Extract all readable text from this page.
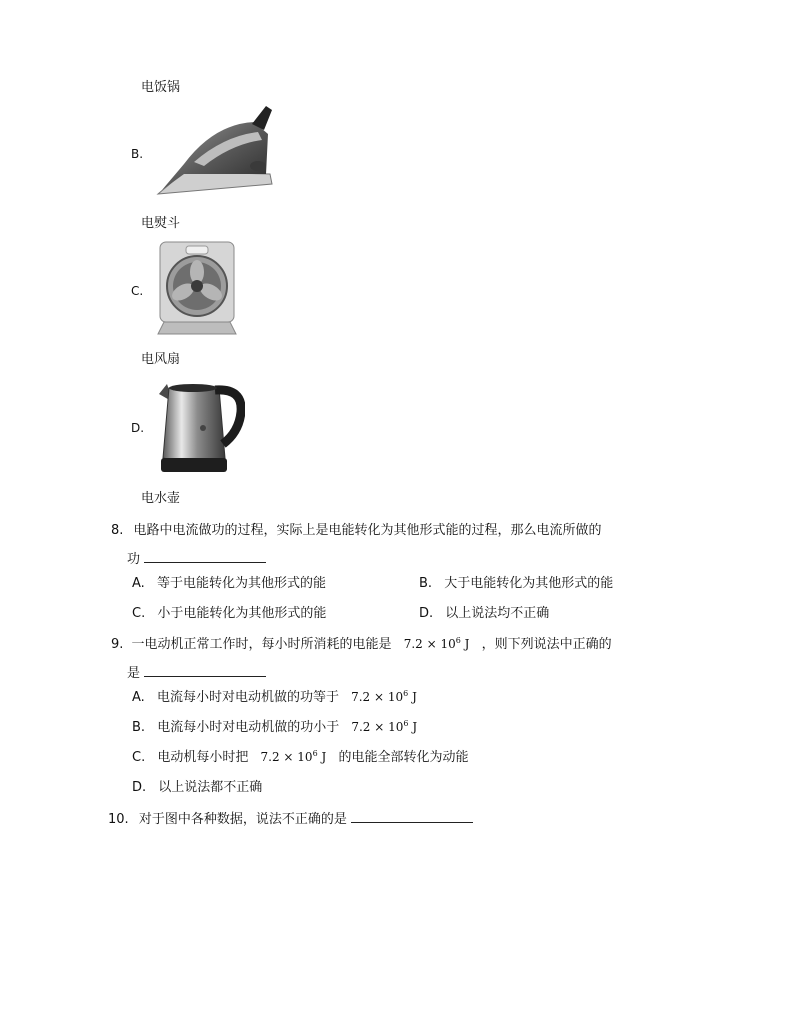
电饭锅
B.
电熨斗
C.
电风扇
D.
电水壶
8. 电路中电流做功的过程，实际上是电能转化为其他形式能的过程，那么电流所做的
功
A. 等于电能转化为其他形式的能	B. 大于电能转化为其他形式的能
C. 小于电能转化为其他形式的能	D. 以上说法均不正确
9. 一电动机正常工作时，每小时所消耗的电能是 $7.2 \times 10^6$ J ，则下列说法中正确的
是
A. 电流每小时对电动机做的功等于 $7.2 \times 10^6$ J
B. 电流每小时对电动机做的功小于 $7.2 \times 10^6$ J
C. 电动机每小时把 $7.2 \times 10^6$ J 的电能全部转化为动能
D. 以上说法都不正确
10. 对于图中各种数据，说法不正确的是
